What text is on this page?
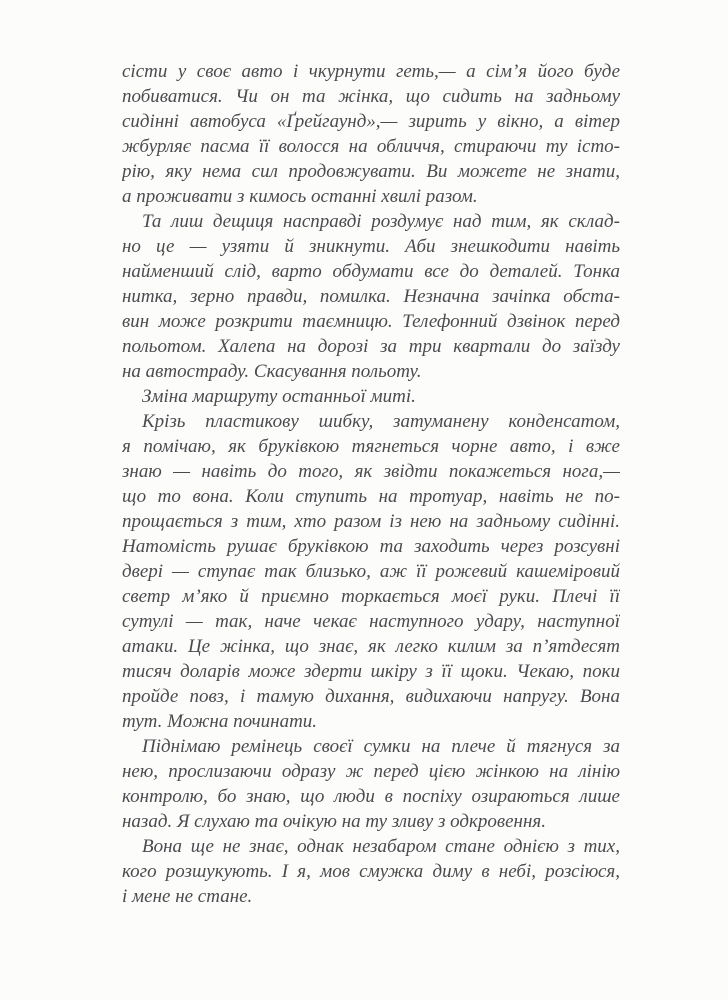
сісти у своє авто і чкурнути геть,— а сім’я його буде
побиватися. Чи он та жінка, що сидить на задньому
сидінні автобуса «Ґрейгаунд»,— зирить у вікно, а вітер
жбурляє пасма її волосся на обличчя, стираючи ту істо-
рію, яку нема сил продовжувати. Ви можете не знати,
а проживати з кимось останні хвилі разом.
Та лиш дещиця насправді роздумує над тим, як склад-
но це — узяти й зникнути. Аби знешкодити навіть
найменший слід, варто обдумати все до деталей. Тонка
нитка, зерно правди, помилка. Незначна зачіпка обста-
вин може розкрити таємницю. Телефонний дзвінок перед
польотом. Халепа на дорозі за три квартали до заїзду
на автостраду. Скасування польоту.
Зміна маршруту останньої миті.
Крізь пластикову шибку, затуманену конденсатом,
я помічаю, як бруківкою тягнеться чорне авто, і вже
знаю — навіть до того, як звідти покажеться нога,—
що то вона. Коли ступить на тротуар, навіть не по-
прощається з тим, хто разом із нею на задньому сидінні.
Натомість рушає бруківкою та заходить через розсувні
двері — ступає так близько, аж її рожевий кашеміровий
светр м’яко й приємно торкається моєї руки. Плечі її
сутулі — так, наче чекає наступного удару, наступної
атаки. Це жінка, що знає, як легко килим за п’ятдесят
тисяч доларів може здерти шкіру з її щоки. Чекаю, поки
пройде повз, і тамую дихання, видихаючи напругу. Вона
тут. Можна починати.
Піднімаю ремінець своєї сумки на плече й тягнуся за
нею, прослизаючи одразу ж перед цією жінкою на лінію
контролю, бо знаю, що люди в поспіху озираються лише
назад. Я слухаю та очікую на ту зливу з одкровення.
Вона ще не знає, однак незабаром стане однією з тих,
кого розшукують. І я, мов смужка диму в небі, розсіюся,
і мене не стане.
